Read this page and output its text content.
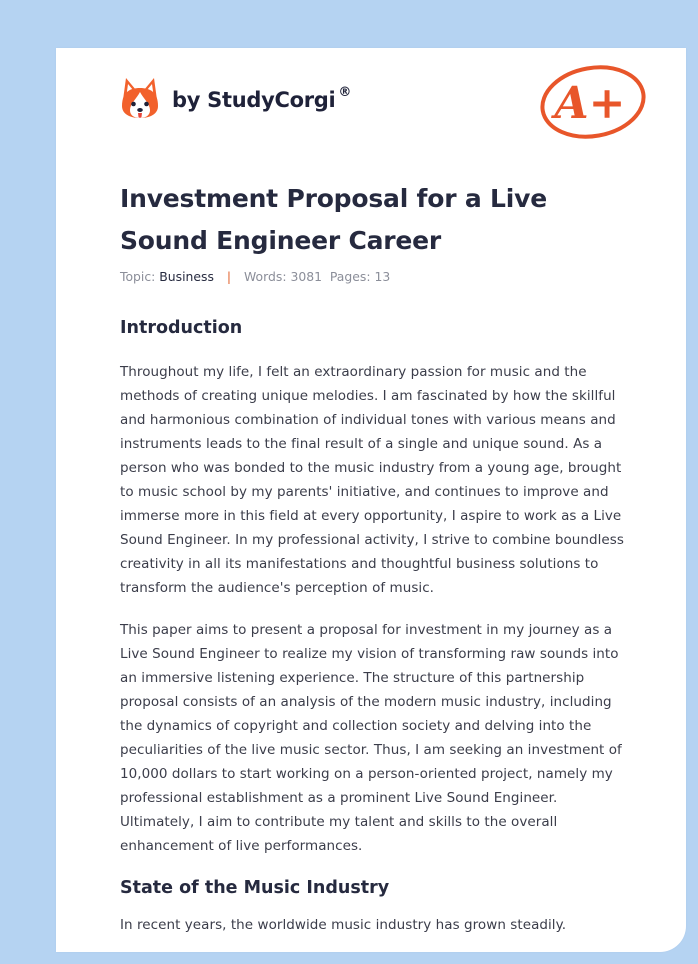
by StudyCorgi ®	A+
Investment Proposal for a Live Sound Engineer Career
Topic: Business | Words: 3081 Pages: 13
Introduction

Throughout my life, I felt an extraordinary passion for music and the methods of creating unique melodies. I am fascinated by how the skillful and harmonious combination of individual tones with various means and instruments leads to the final result of a single and unique sound. As a person who was bonded to the music industry from a young age, brought to music school by my parents' initiative, and continues to improve and immerse more in this field at every opportunity, I aspire to work as a Live Sound Engineer. In my professional activity, I strive to combine boundless creativity in all its manifestations and thoughtful business solutions to transform the audience's perception of music.

This paper aims to present a proposal for investment in my journey as a Live Sound Engineer to realize my vision of transforming raw sounds into an immersive listening experience. The structure of this partnership proposal consists of an analysis of the modern music industry, including the dynamics of copyright and collection society and delving into the peculiarities of the live music sector. Thus, I am seeking an investment of 10,000 dollars to start working on a person-oriented project, namely my professional establishment as a prominent Live Sound Engineer. Ultimately, I aim to contribute my talent and skills to the overall enhancement of live performances.

State of the Music Industry

In recent years, the worldwide music industry has grown steadily.
